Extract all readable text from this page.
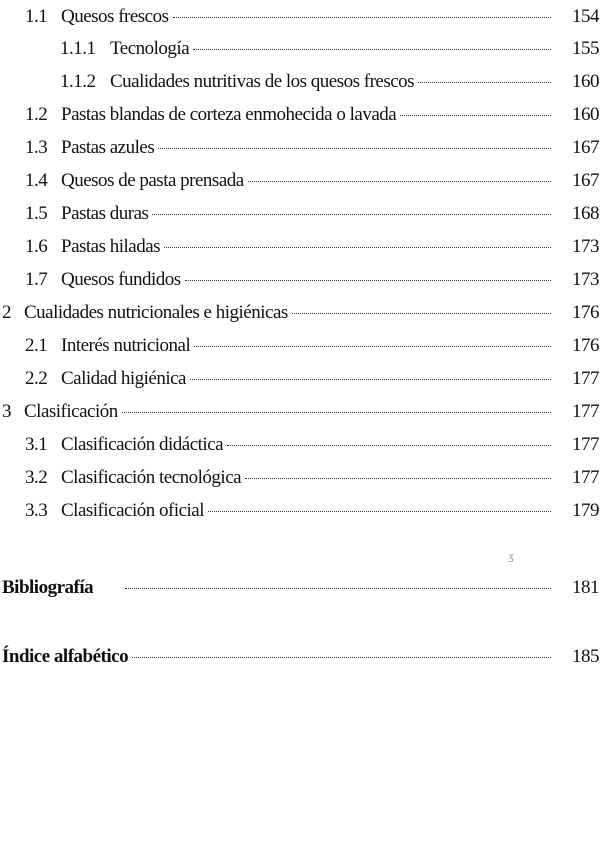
1.1 Quesos frescos	154
1.1.1 Tecnología	155
1.1.2 Cualidades nutritivas de los quesos frescos	160
1.2 Pastas blandas de corteza enmohecida o lavada	160
1.3 Pastas azules	167
1.4 Quesos de pasta prensada	167
1.5 Pastas duras	168
1.6 Pastas hiladas	173
1.7 Quesos fundidos	173
2 Cualidades nutricionales e higiénicas	176
2.1 Interés nutricional	176
2.2 Calidad higiénica	177
3 Clasificación	177
3.1 Clasificación didáctica	177
3.2 Clasificación tecnológica	177
3.3 Clasificación oficial	179
ʒ
Bibliografía	181
Índice alfabético	185
